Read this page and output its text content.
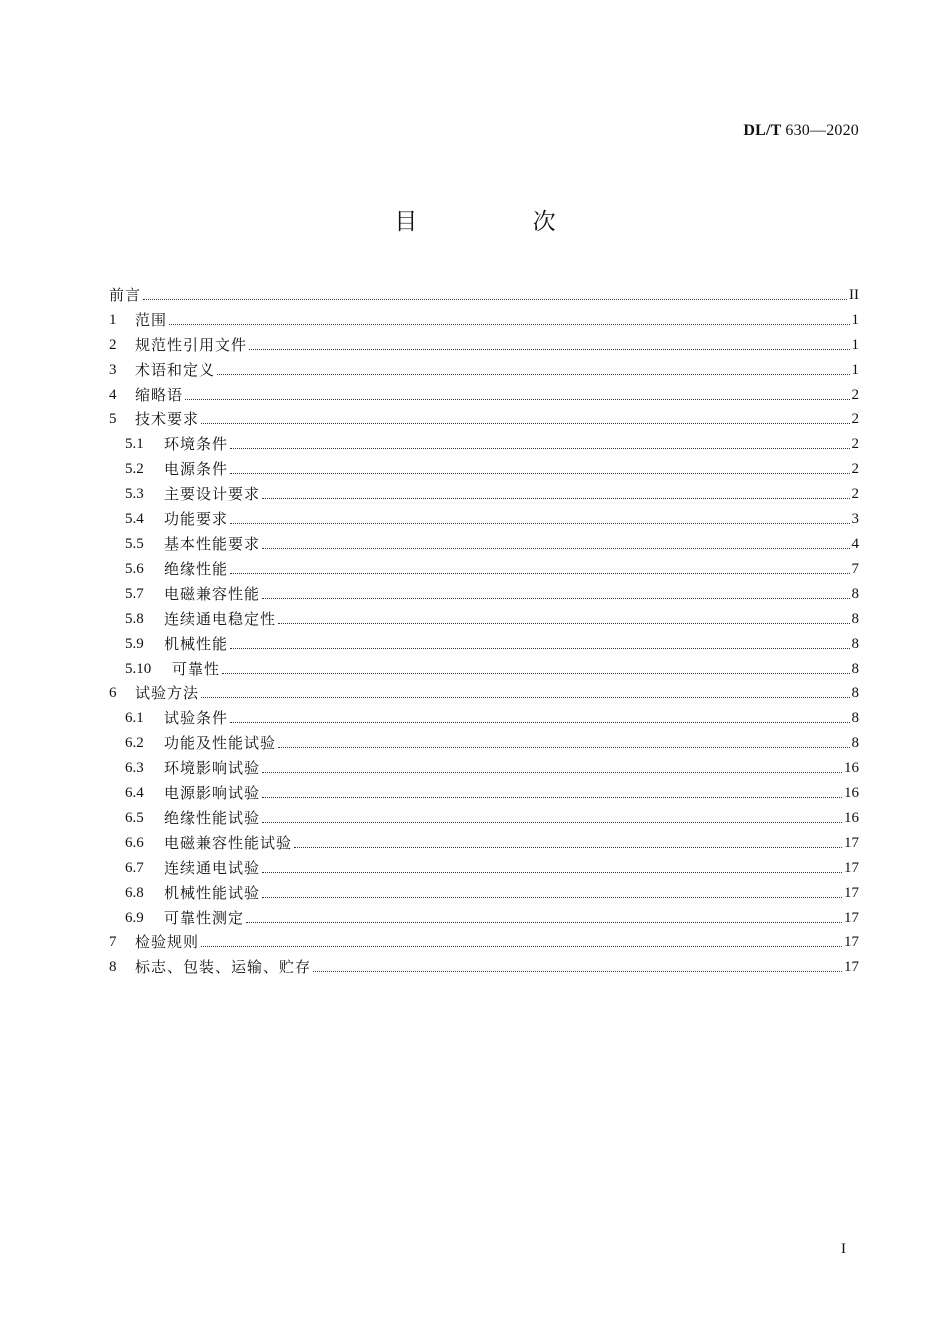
DL/T 630—2020
目 次
前言	II
1	范围	1
2	规范性引用文件	1
3	术语和定义	1
4	缩略语	2
5	技术要求	2
5.1	环境条件	2
5.2	电源条件	2
5.3	主要设计要求	2
5.4	功能要求	3
5.5	基本性能要求	4
5.6	绝缘性能	7
5.7	电磁兼容性能	8
5.8	连续通电稳定性	8
5.9	机械性能	8
5.10	可靠性	8
6	试验方法	8
6.1	试验条件	8
6.2	功能及性能试验	8
6.3	环境影响试验	16
6.4	电源影响试验	16
6.5	绝缘性能试验	16
6.6	电磁兼容性能试验	17
6.7	连续通电试验	17
6.8	机械性能试验	17
6.9	可靠性测定	17
7	检验规则	17
8	标志、包装、运输、贮存	17
I
